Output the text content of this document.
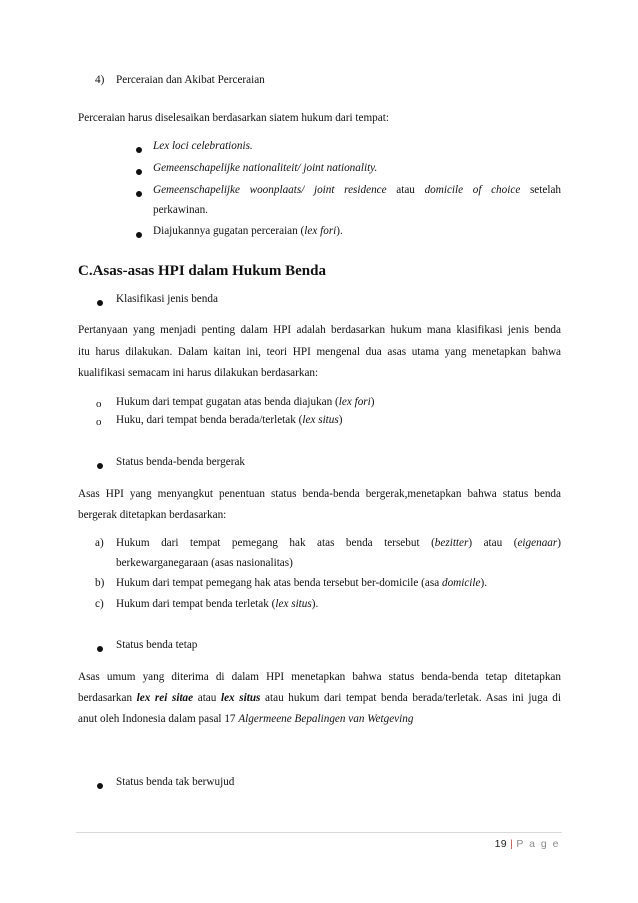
4) Perceraian dan Akibat Perceraian
Perceraian harus diselesaikan berdasarkan siatem hukum dari tempat:
Lex loci celebrationis.
Gemeenschapelijke nationaliteit/ joint nationality.
Gemeenschapelijke woonplaats/ joint residence atau domicile of choice setelah
perkawinan.
Diajukannya gugatan perceraian (lex fori).
C.Asas-asas HPI dalam Hukum Benda
Klasifikasi jenis benda
Pertanyaan yang menjadi penting dalam HPI adalah berdasarkan hukum mana klasifikasi jenis benda
itu harus dilakukan. Dalam kaitan ini, teori HPI mengenal dua asas utama yang menetapkan bahwa
kualifikasi semacam ini harus dilakukan berdasarkan:
o Hukum dari tempat gugatan atas benda diajukan (lex fori)
o Huku, dari tempat benda berada/terletak (lex situs)
Status benda-benda bergerak
Asas HPI yang menyangkut penentuan status benda-benda bergerak,menetapkan bahwa status benda
bergerak ditetapkan berdasarkan:
a) Hukum dari tempat pemegang hak atas benda tersebut (bezitter) atau (eigenaar)
berkewarganegaraan (asas nasionalitas)
b) Hukum dari tempat pemegang hak atas benda tersebut ber-domicile (asa domicile).
c) Hukum dari tempat benda terletak (lex situs).
Status benda tetap
Asas umum yang diterima di dalam HPI menetapkan bahwa status benda-benda tetap ditetapkan
berdasarkan lex rei sitae atau lex situs atau hukum dari tempat benda berada/terletak. Asas ini juga di
anut oleh Indonesia dalam pasal 17 Algermeene Bepalingen van Wetgeving
Status benda tak berwujud
19 | P a g e
